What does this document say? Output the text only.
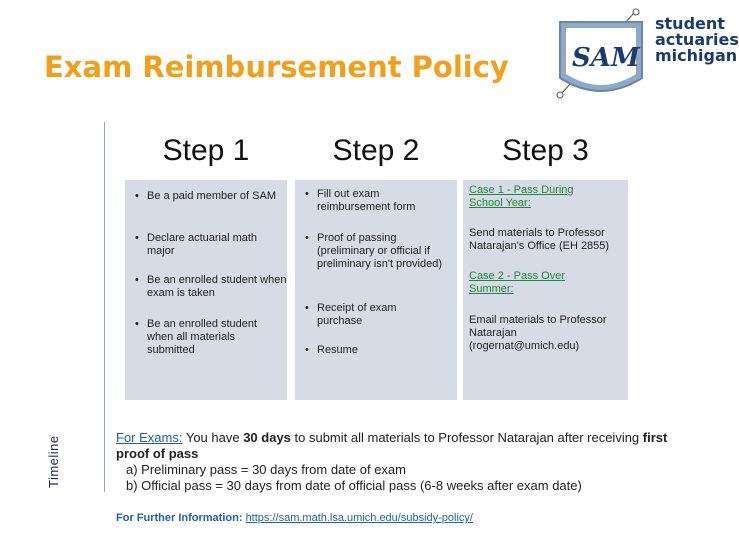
Exam Reimbursement Policy SAM
student
actuaries
michigan
Timeline
Step 1
• Be a paid member of SAM
• Declare actuarial math major
• Be an enrolled student when exam is taken
• Be an enrolled student when all materials submitted
Step 2
• Fill out exam reimbursement form
• Proof of passing (preliminary or official if preliminary isn't provided)
• Receipt of exam purchase
• Resume
Step 3
Case 1 - Pass During School Year:
Send materials to Professor Natarajan's Office (EH 2855)
Case 2 - Pass Over Summer:
Email materials to Professor Natarajan (rogernat@umich.edu)
For Exams: You have 30 days to submit all materials to Professor Natarajan after receiving first proof of pass
a) Preliminary pass = 30 days from date of exam
b) Official pass = 30 days from date of official pass (6-8 weeks after exam date)
For Further Information: https://sam.math.lsa.umich.edu/subsidy-policy/
